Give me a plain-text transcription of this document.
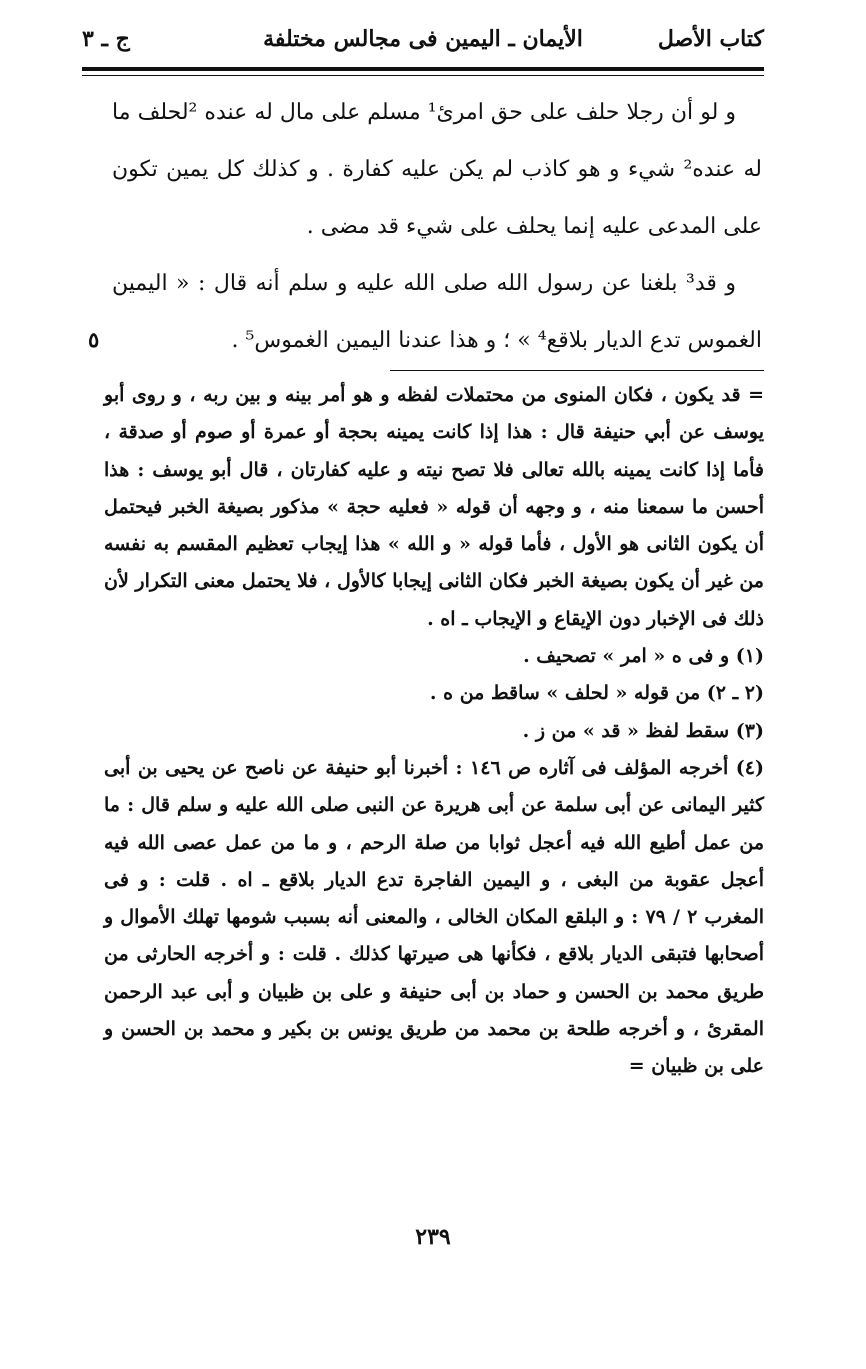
كتاب الأصل
الأيمان ـ اليمين فى مجالس مختلفة
ج ـ ٣

و لو أن رجلا حلف على حق امرئ¹ مسلم على مال له عنده ²لحلف ما له عنده² شيء و هو كاذب لم يكن عليه كفارة . و كذلك كل يمين تكون على المدعى عليه إنما يحلف على شيء قد مضى .

و قد³ بلغنا عن رسول الله صلى الله عليه و سلم أنه قال : « اليمين الغموس تدع الديار بلاقع⁴ » ؛ و هذا عندنا اليمين الغموس⁵ .

٥

= قد يكون ، فكان المنوى من محتملات لفظه و هو أمر بينه و بين ربه ، و روى أبو يوسف عن أبي حنيفة قال : هذا إذا كانت يمينه بحجة أو عمرة أو صوم أو صدقة ، فأما إذا كانت يمينه بالله تعالى فلا تصح نيته و عليه كفارتان ، قال أبو يوسف : هذا أحسن ما سمعنا منه ، و وجهه أن قوله « فعليه حجة » مذكور بصيغة الخبر فيحتمل أن يكون الثانى هو الأول ، فأما قوله « و الله » هذا إيجاب تعظيم المقسم به نفسه من غير أن يكون بصيغة الخبر فكان الثانى إيجابا كالأول ، فلا يحتمل معنى التكرار لأن ذلك فى الإخبار دون الإيقاع و الإيجاب ـ اه .

(١) و فى ه « امر » تصحيف .

(٢ ـ ٢) من قوله « لحلف » ساقط من ه .

(٣) سقط لفظ « قد » من ز .

(٤) أخرجه المؤلف فى آثاره ص ١٤٦ : أخبرنا أبو حنيفة عن ناصح عن يحيى بن أبى كثير اليمانى عن أبى سلمة عن أبى هريرة عن النبى صلى الله عليه و سلم قال : ما من عمل أطيع الله فيه أعجل ثوابا من صلة الرحم ، و ما من عمل عصى الله فيه أعجل عقوبة من البغى ، و اليمين الفاجرة تدع الديار بلاقع ـ اه . قلت : و فى المغرب ٢ / ٧٩ : و البلقع المكان الخالى ، والمعنى أنه بسبب شومها تهلك الأموال و أصحابها فتبقى الديار بلاقع ، فكأنها هى صيرتها كذلك . قلت : و أخرجه الحارثى من طريق محمد بن الحسن و حماد بن أبى حنيفة و على بن ظبيان و أبى عبد الرحمن المقرئ ، و أخرجه طلحة بن محمد من طريق يونس بن بكير و محمد بن الحسن و على بن ظبيان =

٢٣٩
